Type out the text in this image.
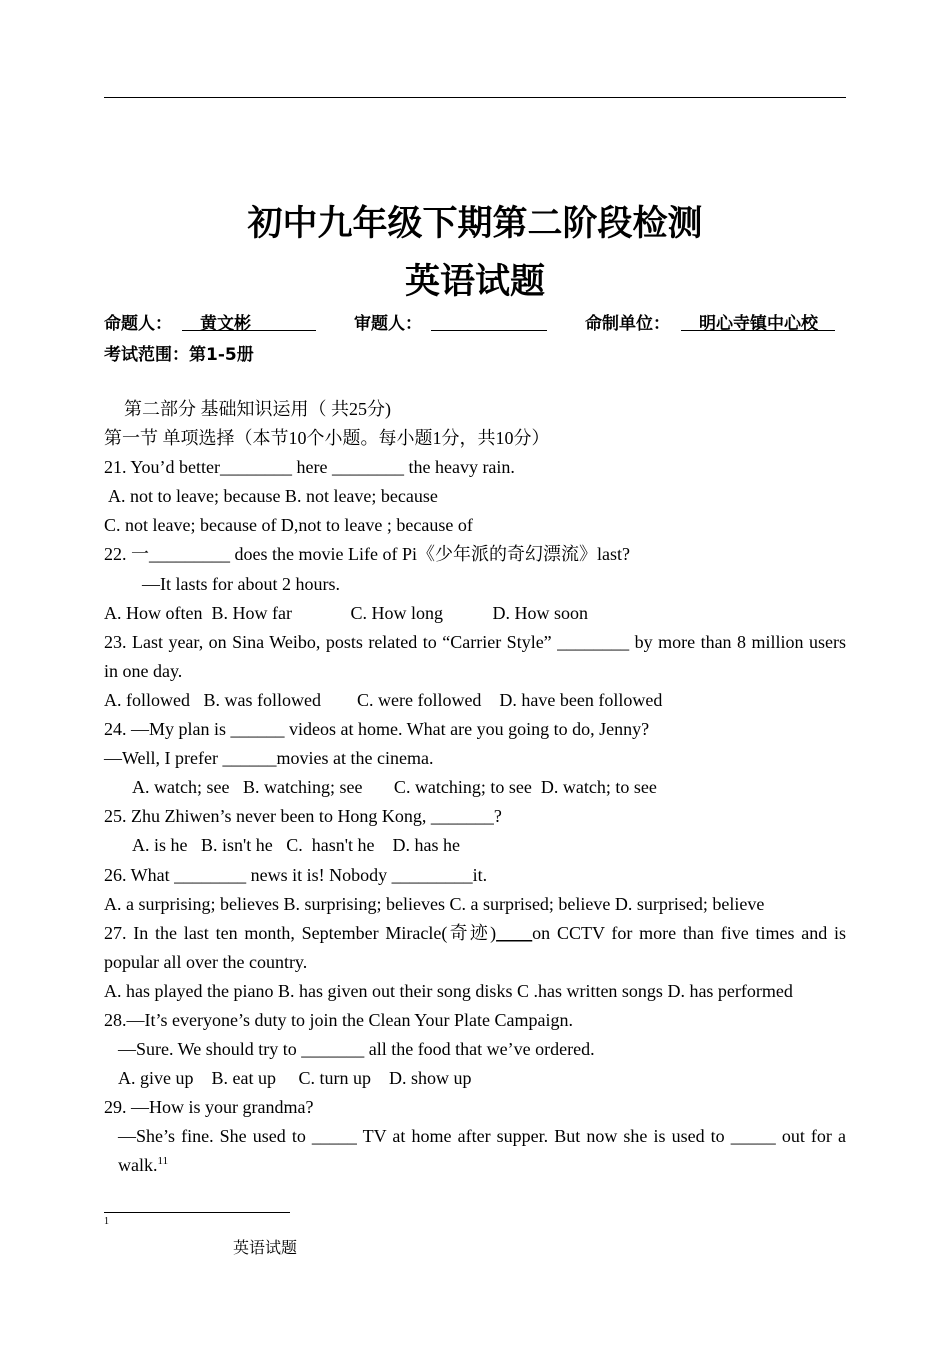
初中九年级下期第二阶段检测
英语试题
命题人：	黄文彬	审题人：	命制单位：	明心寺镇中心校
考试范围：第1-5册
第二部分 基础知识运用（ 共25分)
第一节 单项选择（本节10个小题。每小题1分，共10分）
21. You’d better________ here ________ the heavy rain.
A. not to leave; because B. not leave; because
C. not leave; because of D,not to leave ; because of
22. 一_________ does the movie Life of Pi《少年派的奇幻漂流》last?
—It lasts for about 2 hours.
A. How often  B. How far             C. How long           D. How soon
23. Last year, on Sina Weibo, posts related to “Carrier Style” ________ by more than 8 million users in one day.
A. followed   B. was followed        C. were followed    D. have been followed
24. —My plan is ______ videos at home. What are you going to do, Jenny?
—Well, I prefer ______movies at the cinema.
A. watch; see   B. watching; see       C. watching; to see  D. watch; to see
25. Zhu Zhiwen’s never been to Hong Kong, _______?
A. is he   B. isn't he   C.  hasn't he    D. has he
26. What ________ news it is! Nobody _________it.
A. a surprising; believes B. surprising; believes C. a surprised; believe D. surprised; believe
27. In the last ten month, September Miracle(奇迹)____on CCTV for more than five times and is popular all over the country.
A. has played the piano B. has given out their song disks C .has written songs D. has performed
28.—It’s everyone’s duty to join the Clean Your Plate Campaign.
—Sure. We should try to _______ all the food that we’ve ordered.
A. give up    B. eat up     C. turn up    D. show up
29. —How is your grandma?
—She’s fine. She used to _____ TV at home after supper. But now she is used to _____ out for a walk.$^{11}$
1
英语试题
